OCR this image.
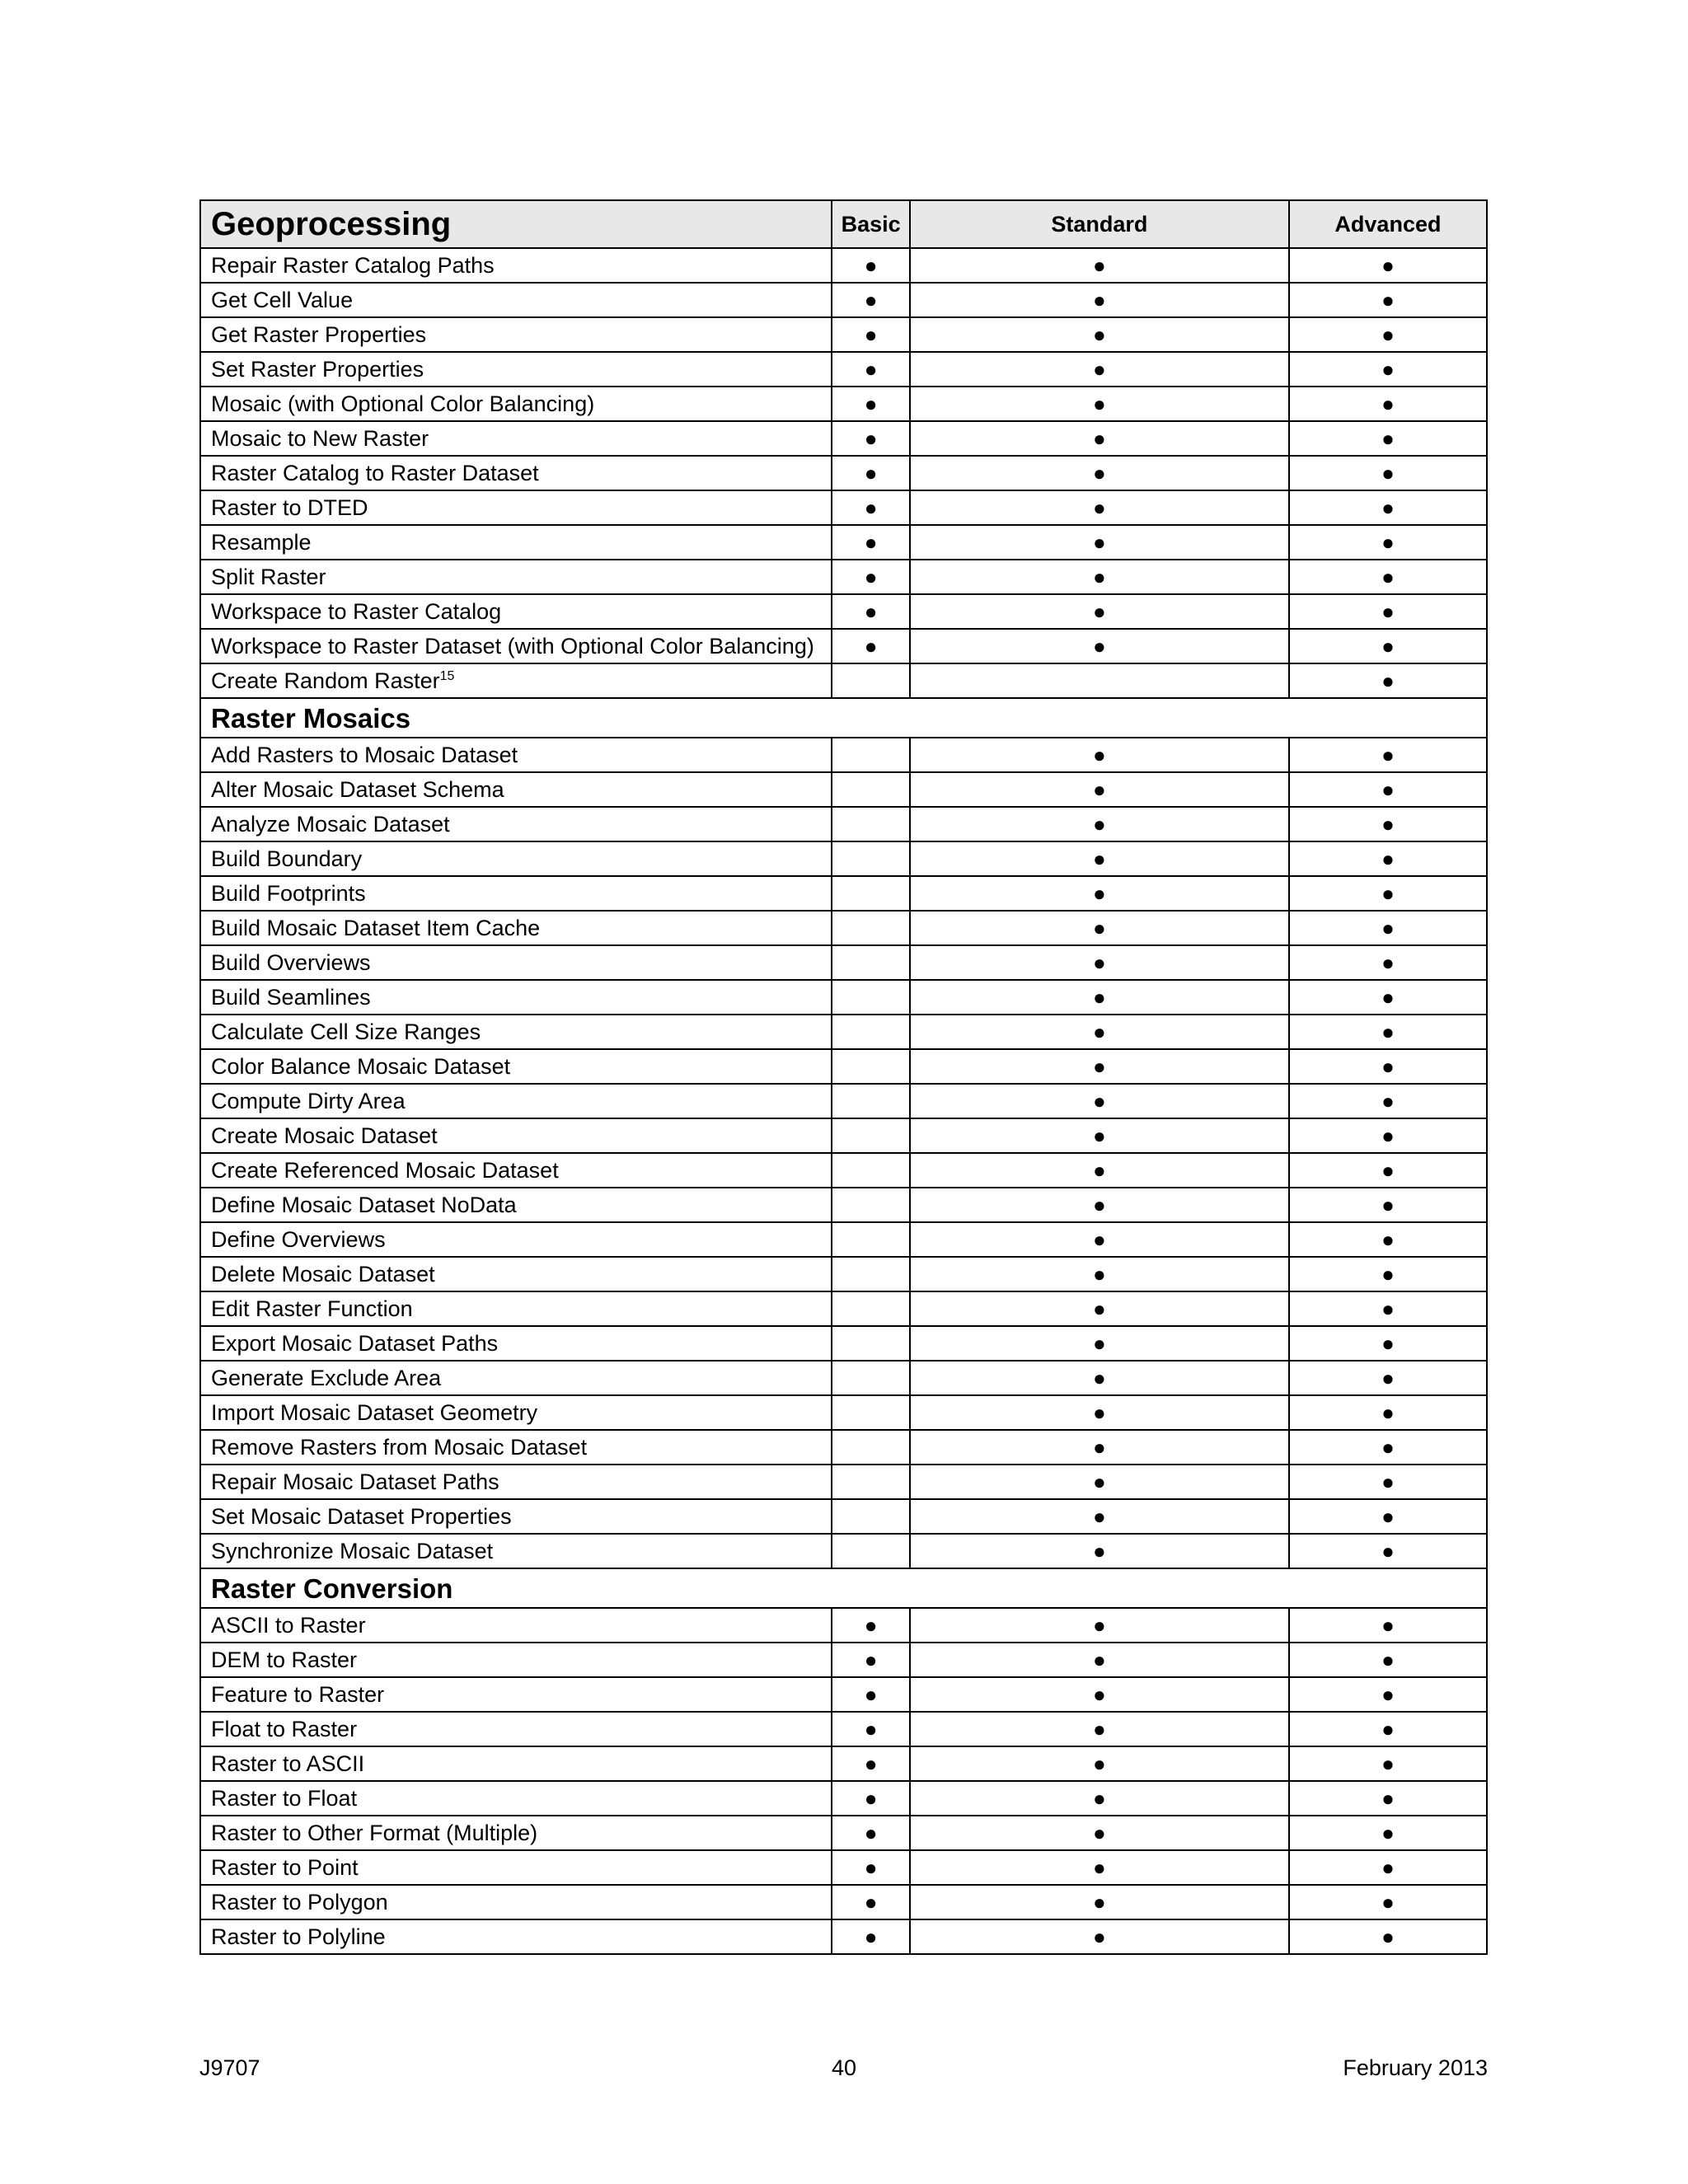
Geoprocessing	Basic	Standard	Advanced
Repair Raster Catalog Paths	●	●	●
Get Cell Value	●	●	●
Get Raster Properties	●	●	●
Set Raster Properties	●	●	●
Mosaic (with Optional Color Balancing)	●	●	●
Mosaic to New Raster	●	●	●
Raster Catalog to Raster Dataset	●	●	●
Raster to DTED	●	●	●
Resample	●	●	●
Split Raster	●	●	●
Workspace to Raster Catalog	●	●	●
Workspace to Raster Dataset (with Optional Color Balancing)	●	●	●
Create Random Raster$^{15}$			●
Raster Mosaics			
Add Rasters to Mosaic Dataset		●	●
Alter Mosaic Dataset Schema		●	●
Analyze Mosaic Dataset		●	●
Build Boundary		●	●
Build Footprints		●	●
Build Mosaic Dataset Item Cache		●	●
Build Overviews		●	●
Build Seamlines		●	●
Calculate Cell Size Ranges		●	●
Color Balance Mosaic Dataset		●	●
Compute Dirty Area		●	●
Create Mosaic Dataset		●	●
Create Referenced Mosaic Dataset		●	●
Define Mosaic Dataset NoData		●	●
Define Overviews		●	●
Delete Mosaic Dataset		●	●
Edit Raster Function		●	●
Export Mosaic Dataset Paths		●	●
Generate Exclude Area		●	●
Import Mosaic Dataset Geometry		●	●
Remove Rasters from Mosaic Dataset		●	●
Repair Mosaic Dataset Paths		●	●
Set Mosaic Dataset Properties		●	●
Synchronize Mosaic Dataset		●	●
Raster Conversion			
ASCII to Raster	●	●	●
DEM to Raster	●	●	●
Feature to Raster	●	●	●
Float to Raster	●	●	●
Raster to ASCII	●	●	●
Raster to Float	●	●	●
Raster to Other Format (Multiple)	●	●	●
Raster to Point	●	●	●
Raster to Polygon	●	●	●
Raster to Polyline	●	●	●
J9707	40	February 2013
